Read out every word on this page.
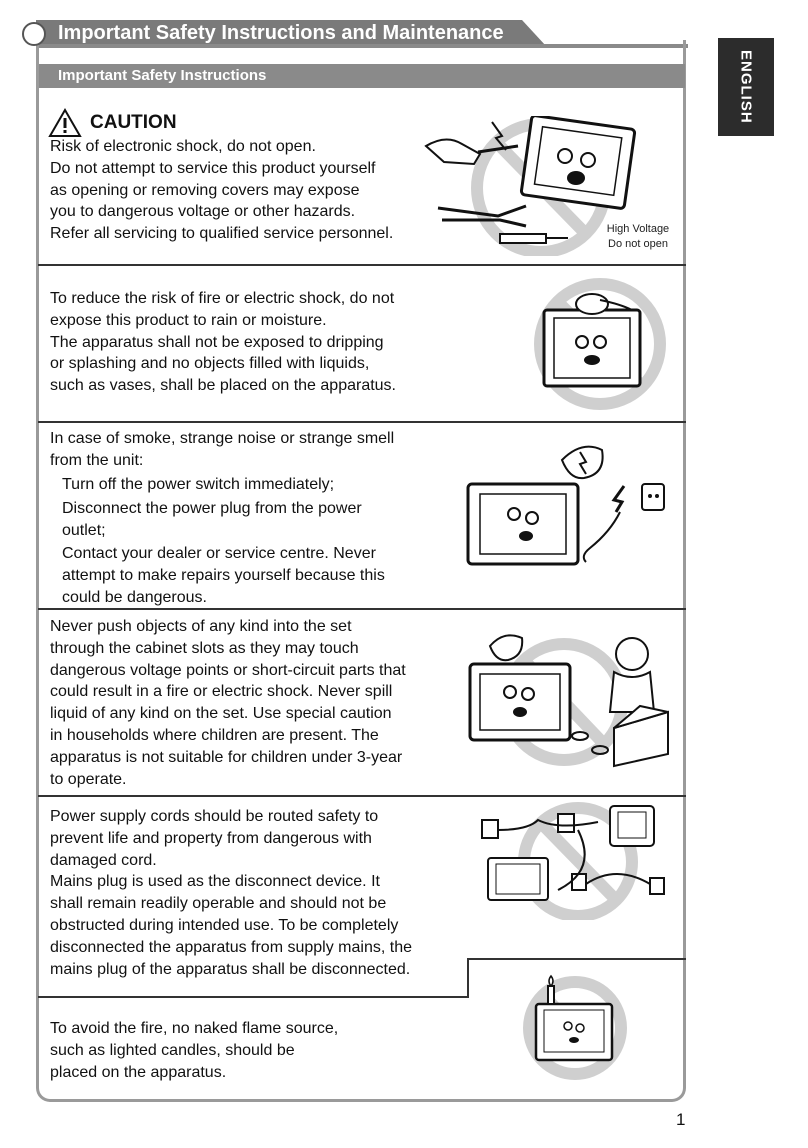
Important Safety Instructions and Maintenance
ENGLISH
Important Safety Instructions
CAUTION
Risk of electronic shock, do not open.
Do not attempt to service this product yourself
as opening or removing covers may expose
you to dangerous voltage or other hazards.
Refer all servicing to qualified service personnel.	High Voltage
Do not open
To reduce the risk of fire or electric shock, do not
expose this product to rain or moisture.
The apparatus shall not be exposed to dripping
or splashing and no objects filled with liquids,
such as vases, shall be placed on the apparatus.
In case of smoke, strange noise or strange smell
from the unit:
Turn off the power switch immediately;
Disconnect the power plug from the power
outlet;
Contact your dealer or service centre. Never
attempt to make repairs yourself because this
could be dangerous.
Never push objects of any kind into the set
through the cabinet slots as they may touch
dangerous voltage points or short-circuit parts that
could result in a fire or electric shock. Never spill
liquid of any kind on the set. Use special caution
in households where children are present. The
apparatus is not suitable for children under 3-year
to operate.
Power supply cords should be routed safety to
prevent life and property from dangerous with
damaged cord.
Mains plug is used as the disconnect device. It
shall remain readily operable and should not be
obstructed during intended use. To be completely
disconnected the apparatus from supply mains, the
mains plug of the apparatus shall be disconnected.
To avoid the fire, no naked flame source,
such as lighted candles, should be
placed on the apparatus.
1
